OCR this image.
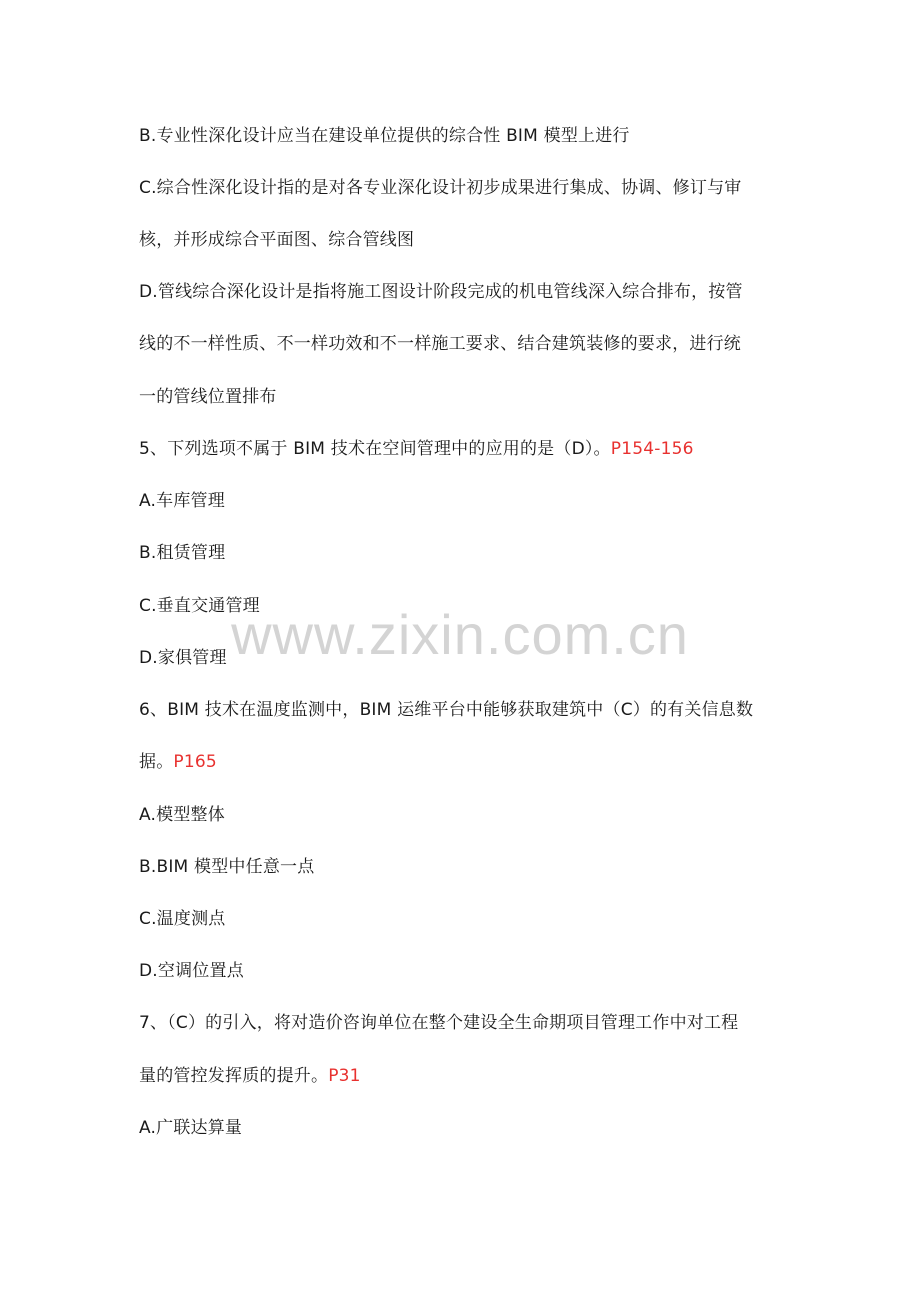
B.专业性深化设计应当在建设单位提供的综合性 BIM 模型上进行
C.综合性深化设计指的是对各专业深化设计初步成果进行集成、协调、修订与审
核，并形成综合平面图、综合管线图
D.管线综合深化设计是指将施工图设计阶段完成的机电管线深入综合排布，按管
线的不一样性质、不一样功效和不一样施工要求、结合建筑装修的要求，进行统
一的管线位置排布
5、下列选项不属于 BIM 技术在空间管理中的应用的是（D）。P154-156
A.车库管理
B.租赁管理
C.垂直交通管理
D.家俱管理
6、BIM 技术在温度监测中，BIM 运维平台中能够获取建筑中（C）的有关信息数
据。P165
A.模型整体
B.BIM 模型中任意一点
C.温度测点
D.空调位置点
7、（C）的引入，将对造价咨询单位在整个建设全生命期项目管理工作中对工程
量的管控发挥质的提升。P31
A.广联达算量
www.zixin.com.cn
